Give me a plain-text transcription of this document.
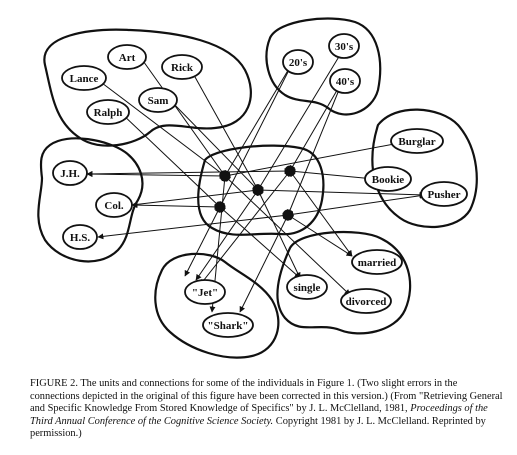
Art
Rick
Lance
Sam
Ralph
20's
30's
40's
Burglar
Bookie
Pusher
J.H.
Col.
H.S.
married
single
divorced
"Jet"
"Shark"
FIGURE 2. The units and connections for some of the individuals in Figure 1. (Two slight errors in the connections depicted in the original of this figure have been corrected in this version.) (From "Retrieving General and Specific Knowledge From Stored Knowledge of Specifics" by J. L. McClelland, 1981, Proceedings of the Third Annual Conference of the Cognitive Science Society. Copyright 1981 by J. L. McClelland. Reprinted by permission.)
